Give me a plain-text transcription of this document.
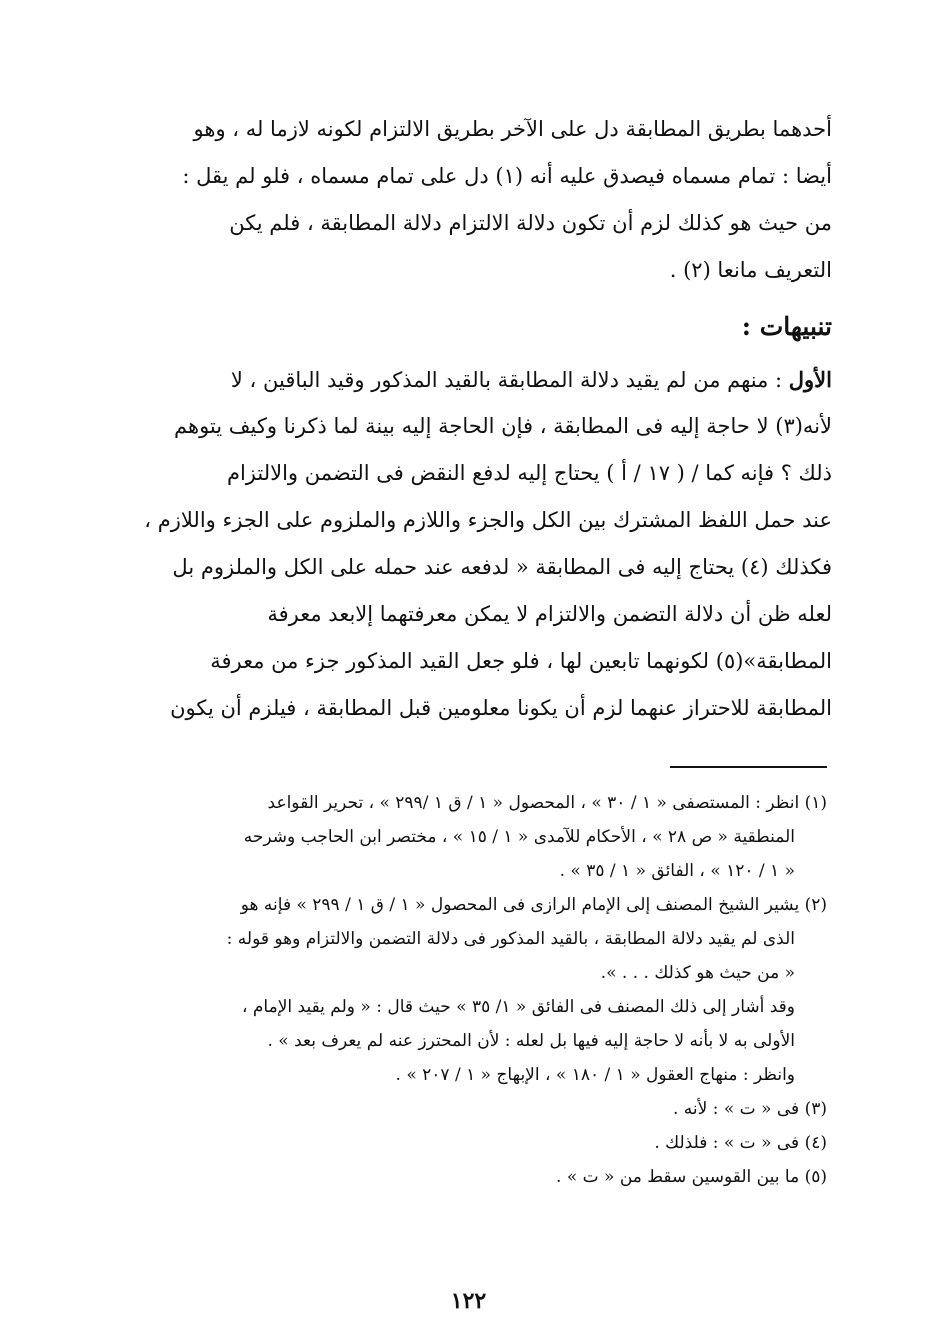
أحدهما بطريق المطابقة دل على الآخر بطريق الالتزام لكونه لازما له ، وهو
أيضا : تمام مسماه فيصدق عليه أنه (١) دل على تمام مسماه ، فلو لم يقل :
من حيث هو كذلك لزم أن تكون دلالة الالتزام دلالة المطابقة ، فلم يكن
التعريف مانعا (٢) .
تنبيهات :
الأول : منهم من لم يقيد دلالة المطابقة بالقيد المذكور وقيد الباقين ، لا
لأنه(٣) لا حاجة إليه فى المطابقة ، فإن الحاجة إليه بينة لما ذكرنا وكيف يتوهم
ذلك ؟ فإنه كما / ( ١٧ / أ ) يحتاج إليه لدفع النقض فى التضمن والالتزام
عند حمل اللفظ المشترك بين الكل والجزء واللازم والملزوم على الجزء واللازم ،
فكذلك (٤) يحتاج إليه فى المطابقة « لدفعه عند حمله على الكل والملزوم بل
لعله ظن أن دلالة التضمن والالتزام لا يمكن معرفتهما إلابعد معرفة
المطابقة»(٥) لكونهما تابعين لها ، فلو جعل القيد المذكور جزء من معرفة
المطابقة للاحتراز عنهما لزم أن يكونا معلومين قبل المطابقة ، فيلزم أن يكون
(١) انظر : المستصفى « ١ / ٣٠ » ، المحصول « ١ / ق ١ /٢٩٩ » ، تحرير القواعد
المنطقية « ص ٢٨ » ، الأحكام للآمدى « ١ / ١٥ » ، مختصر ابن الحاجب وشرحه
« ١ / ١٢٠ » ، الفائق « ١ / ٣٥ » .
(٢) يشير الشيخ المصنف إلى الإمام الرازى فى المحصول « ١ / ق ١ / ٢٩٩ » فإنه هو
الذى لم يقيد دلالة المطابقة ، بالقيد المذكور فى دلالة التضمن والالتزام وهو قوله :
« من حيث هو كذلك . . . ».
وقد أشار إلى ذلك المصنف فى الفائق « ١/ ٣٥ » حيث قال : « ولم يقيد الإمام ،
الأولى به لا بأنه لا حاجة إليه فيها بل لعله : لأن المحترز عنه لم يعرف بعد » .
وانظر : منهاج العقول « ١ / ١٨٠ » ، الإبهاج « ١ / ٢٠٧ » .
(٣) فى « ت » : لأنه .
(٤) فى « ت » : فلذلك .
(٥) ما بين القوسين سقط من « ت » .
١٢٢
